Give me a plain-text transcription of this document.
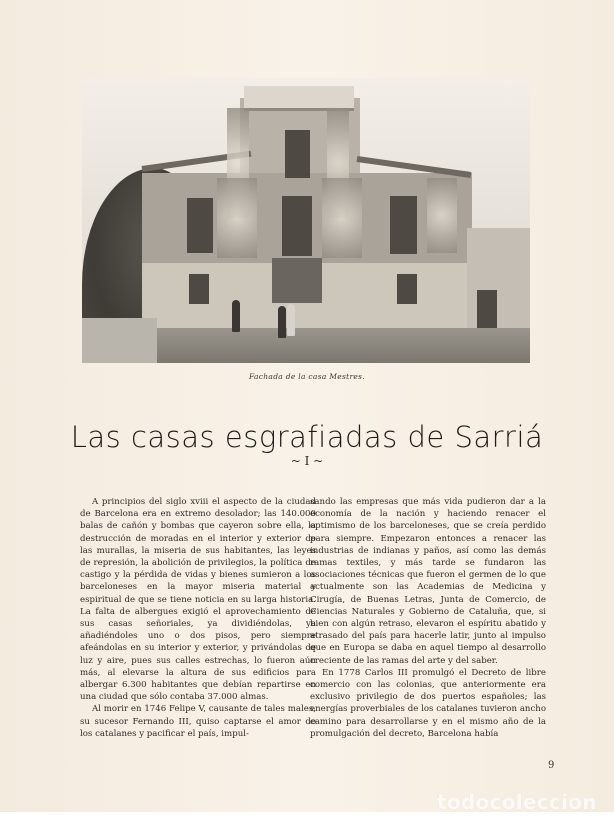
Fachada de la casa Mestres.
Las casas esgrafiadas de Sarriá
~ I ~

A principios del siglo xviii el aspecto de la ciudad de Barcelona era en extremo desolador; las 140.000 balas de cañón y bombas que cayeron sobre ella, la destrucción de moradas en el interior y exterior de las murallas, la miseria de sus habitantes, las leyes de represión, la abolición de privilegios, la política de castigo y la pérdida de vidas y bienes sumieron a los barceloneses en la mayor miseria material y espiritual de que se tiene noticia en su larga historia. La falta de albergues exigió el aprovechamiento de sus casas señoriales, ya dividiéndolas, ya añadiéndoles uno o dos pisos, pero siempre afeándolas en su interior y exterior, y privándolas de luz y aire, pues sus calles estrechas, lo fueron aún más, al elevarse la altura de sus edificios para albergar 6.300 habitantes que debían repartirse en una ciudad que sólo contaba 37.000 almas.

Al morir en 1746 Felipe V, causante de tales males, su sucesor Fernando III, quiso captarse el amor de los catalanes y pacificar el país, impul-

sando las empresas que más vida pudieron dar a la economía de la nación y haciendo renacer el optimismo de los barceloneses, que se creía perdido para siempre. Empezaron entonces a renacer las industrias de indianas y paños, así como las demás ramas textiles, y más tarde se fundaron las asociaciones técnicas que fueron el germen de lo que actualmente son las Academias de Medicina y Cirugía, de Buenas Letras, Junta de Comercio, de Ciencias Naturales y Gobierno de Cataluña, que, si bien con algún retraso, elevaron el espíritu abatido y atrasado del país para hacerle latir, junto al impulso que en Europa se daba en aquel tiempo al desarrollo creciente de las ramas del arte y del saber.

En 1778 Carlos III promulgó el Decreto de libre comercio con las colonias, que anteriormente era exclusivo privilegio de dos puertos españoles; las energías proverbiales de los catalanes tuvieron ancho camino para desarrollarse y en el mismo año de la promulgación del decreto, Barcelona había

9
todocoleccion
